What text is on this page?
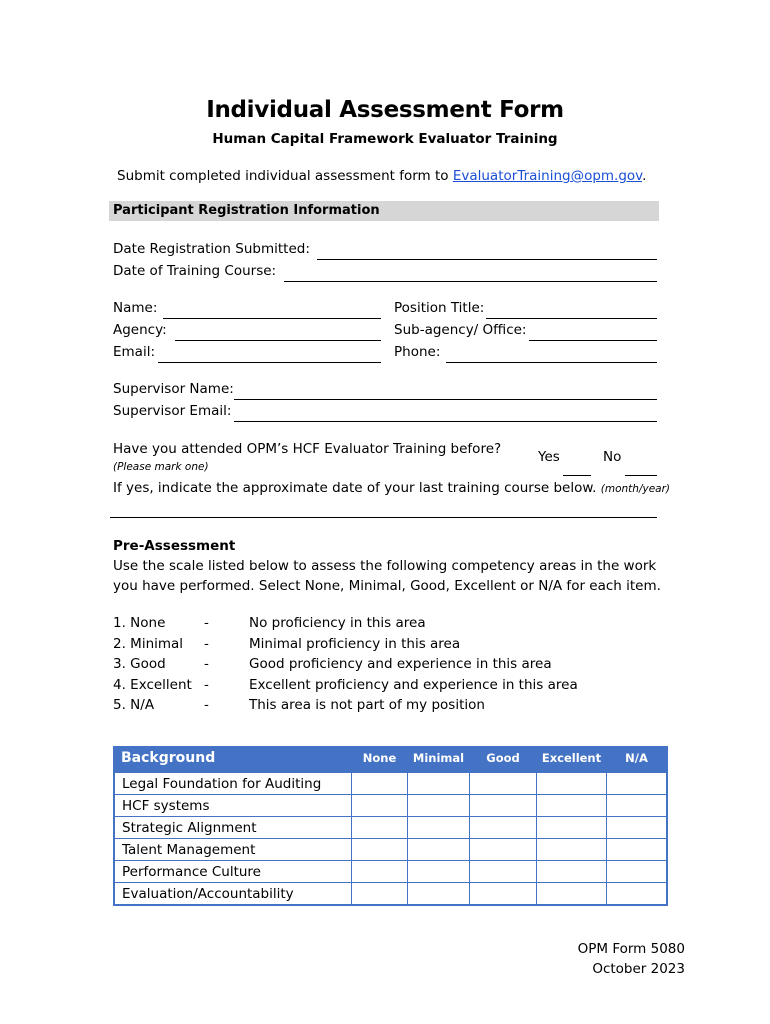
Individual Assessment Form
Human Capital Framework Evaluator Training
Submit completed individual assessment form to EvaluatorTraining@opm.gov.
Participant Registration Information
Date Registration Submitted:
Date of Training Course:
Name:
Agency:
Email:
Position Title:
Sub-agency/ Office:
Phone:
Supervisor Name:
Supervisor Email:
Have you attended OPM’s HCF Evaluator Training before?
(Please mark one)
Yes	No
If yes, indicate the approximate date of your last training course below. (month/year)
Pre-Assessment
Use the scale listed below to assess the following competency areas in the work
you have performed. Select None, Minimal, Good, Excellent or N/A for each item.
1. None	-	No proficiency in this area
2. Minimal -	Minimal proficiency in this area
3. Good	-	Good proficiency and experience in this area
4. Excellent -	Excellent proficiency and experience in this area
5. N/A	-	This area is not part of my position
Background	None	Minimal	Good	Excellent	N/A
Legal Foundation for Auditing					
HCF systems					
Strategic Alignment					
Talent Management					
Performance Culture					
Evaluation/Accountability					
OPM Form 5080
October 2023
